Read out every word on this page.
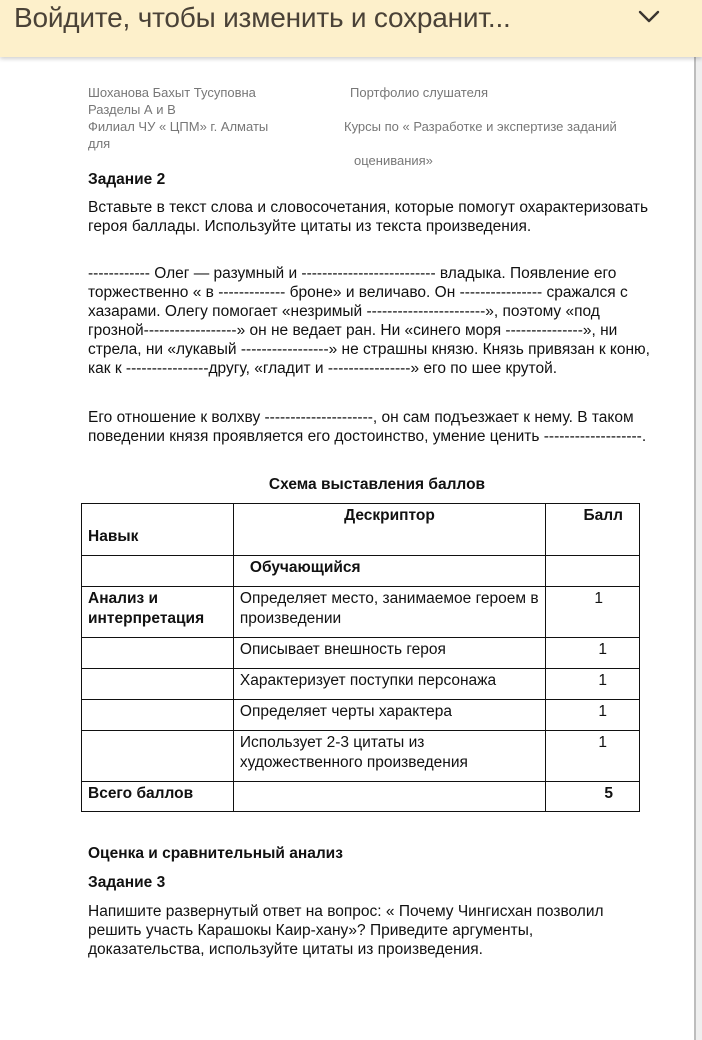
Войдите, чтобы изменить и сохранит...
Шоханова Бахыт Тусуповна
Разделы А и В
Филиал ЧУ « ЦПМ» г. Алматы
для
Портфолио слушателя
Курсы по « Разработке и экспертизе заданий
оценивания»
Задание 2
Вставьте в текст слова и словосочетания, которые помогут охарактеризовать героя баллады. Используйте цитаты из текста произведения.
------------ Олег — разумный и -------------------------- владыка. Появление его торжественно « в ------------- броне» и величаво. Он ---------------- сражался с хазарами. Олегу помогает «незримый -----------------------», поэтому «под грозной------------------» он не ведает ран. Ни «синего моря ---------------», ни стрела, ни «лукавый -----------------» не страшны князю. Князь привязан к коню, как к ----------------другу, «гладит и ----------------» его по шее крутой.
Его отношение к волхву ---------------------, он сам подъезжает к нему. В таком поведении князя проявляется его достоинство, умение ценить -------------------.
Схема выставления баллов
Навык	Дескриптор	Балл
	Обучающийся	
Анализ и интерпретация	Определяет место, занимаемое героем в произведении	1
	Описывает внешность героя	1
	Характеризует поступки персонажа	1
	Определяет черты характера	1
	Использует 2-3 цитаты из художественного произведения	1
Всего баллов		5
Оценка и сравнительный анализ
Задание 3
Напишите развернутый ответ на вопрос: « Почему Чингисхан позволил решить участь Карашокы Каир-хану»? Приведите аргументы, доказательства, используйте цитаты из произведения.
